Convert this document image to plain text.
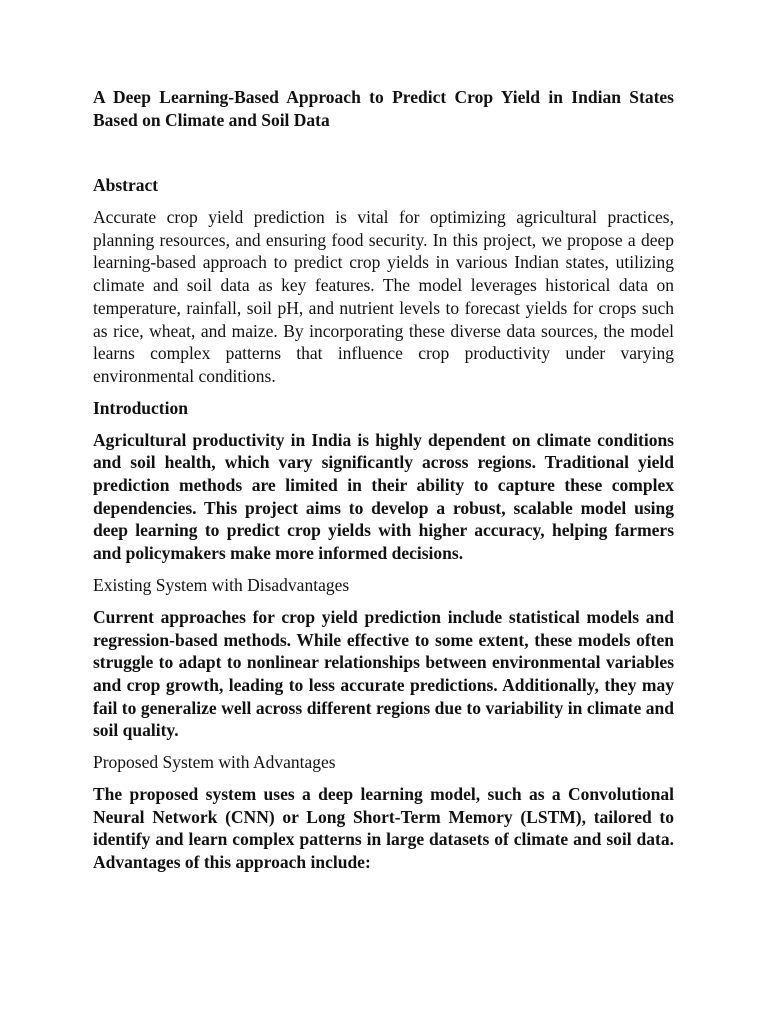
A Deep Learning-Based Approach to Predict Crop Yield in Indian States Based on Climate and Soil Data

Abstract

Accurate crop yield prediction is vital for optimizing agricultural practices, planning resources, and ensuring food security. In this project, we propose a deep learning-based approach to predict crop yields in various Indian states, utilizing climate and soil data as key features. The model leverages historical data on temperature, rainfall, soil pH, and nutrient levels to forecast yields for crops such as rice, wheat, and maize. By incorporating these diverse data sources, the model learns complex patterns that influence crop productivity under varying environmental conditions.

Introduction

Agricultural productivity in India is highly dependent on climate conditions and soil health, which vary significantly across regions. Traditional yield prediction methods are limited in their ability to capture these complex dependencies. This project aims to develop a robust, scalable model using deep learning to predict crop yields with higher accuracy, helping farmers and policymakers make more informed decisions.

Existing System with Disadvantages

Current approaches for crop yield prediction include statistical models and regression-based methods. While effective to some extent, these models often struggle to adapt to nonlinear relationships between environmental variables and crop growth, leading to less accurate predictions. Additionally, they may fail to generalize well across different regions due to variability in climate and soil quality.

Proposed System with Advantages

The proposed system uses a deep learning model, such as a Convolutional Neural Network (CNN) or Long Short-Term Memory (LSTM), tailored to identify and learn complex patterns in large datasets of climate and soil data. Advantages of this approach include:
